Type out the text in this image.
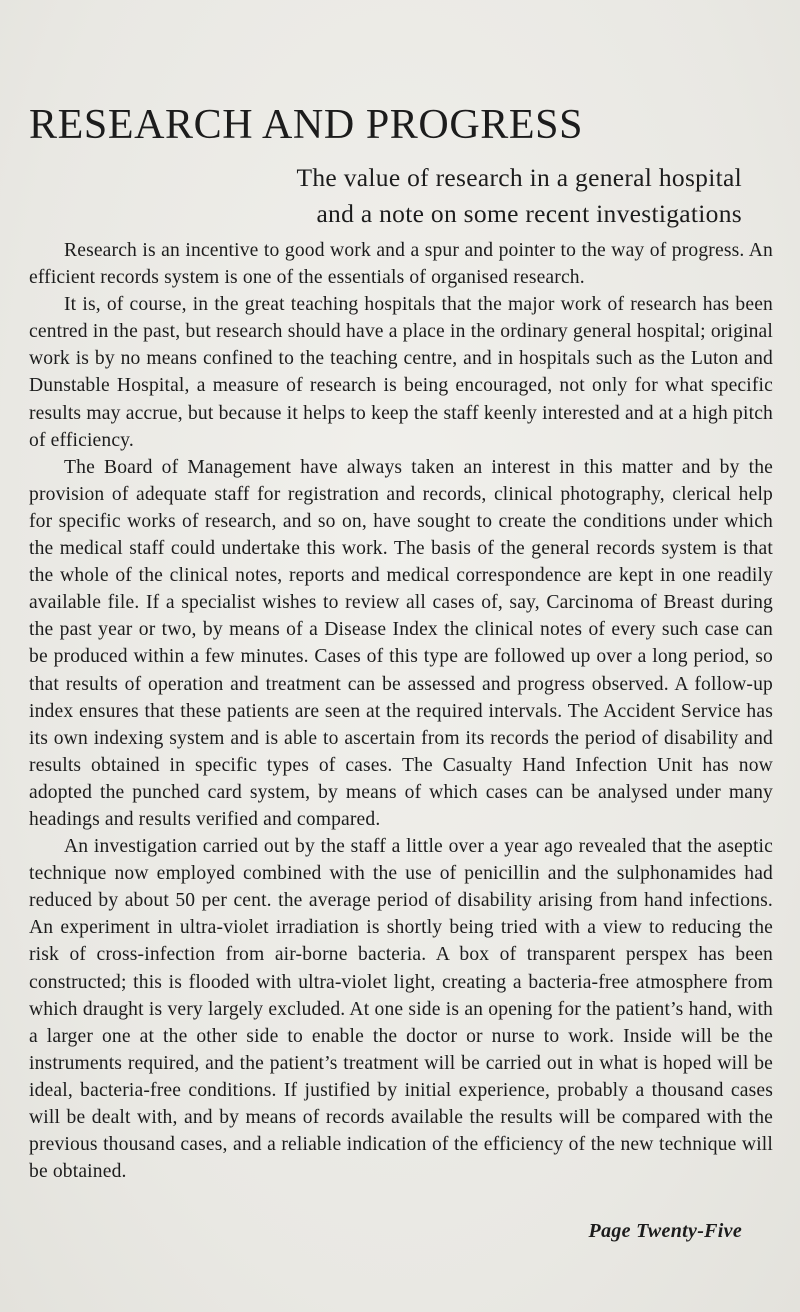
RESEARCH AND PROGRESS
The value of research in a general hospital
and a note on some recent investigations

Research is an incentive to good work and a spur and pointer to the way of progress. An efficient records system is one of the essentials of organised research.

It is, of course, in the great teaching hospitals that the major work of research has been centred in the past, but research should have a place in the ordinary general hospital; original work is by no means confined to the teaching centre, and in hospitals such as the Luton and Dunstable Hospital, a measure of research is being encouraged, not only for what specific results may accrue, but because it helps to keep the staff keenly interested and at a high pitch of efficiency.

The Board of Management have always taken an interest in this matter and by the provision of adequate staff for registration and records, clinical photography, clerical help for specific works of research, and so on, have sought to create the conditions under which the medical staff could undertake this work. The basis of the general records system is that the whole of the clinical notes, reports and medical correspondence are kept in one readily available file. If a specialist wishes to review all cases of, say, Carcinoma of Breast during the past year or two, by means of a Disease Index the clinical notes of every such case can be produced within a few minutes. Cases of this type are followed up over a long period, so that results of operation and treatment can be assessed and progress observed. A follow-up index ensures that these patients are seen at the required intervals. The Accident Service has its own indexing system and is able to ascertain from its records the period of disability and results obtained in specific types of cases. The Casualty Hand Infection Unit has now adopted the punched card system, by means of which cases can be analysed under many headings and results verified and compared.

An investigation carried out by the staff a little over a year ago revealed that the aseptic technique now employed combined with the use of penicillin and the sulphonamides had reduced by about 50 per cent. the average period of disability arising from hand infections. An experiment in ultra-violet irradiation is shortly being tried with a view to reducing the risk of cross-infection from air-borne bacteria. A box of transparent perspex has been constructed; this is flooded with ultra-violet light, creating a bacteria-free atmosphere from which draught is very largely excluded. At one side is an opening for the patient’s hand, with a larger one at the other side to enable the doctor or nurse to work. Inside will be the instruments required, and the patient’s treatment will be carried out in what is hoped will be ideal, bacteria-free conditions. If justified by initial experience, probably a thousand cases will be dealt with, and by means of records available the results will be compared with the previous thousand cases, and a reliable indication of the efficiency of the new technique will be obtained.

Page Twenty-Five
